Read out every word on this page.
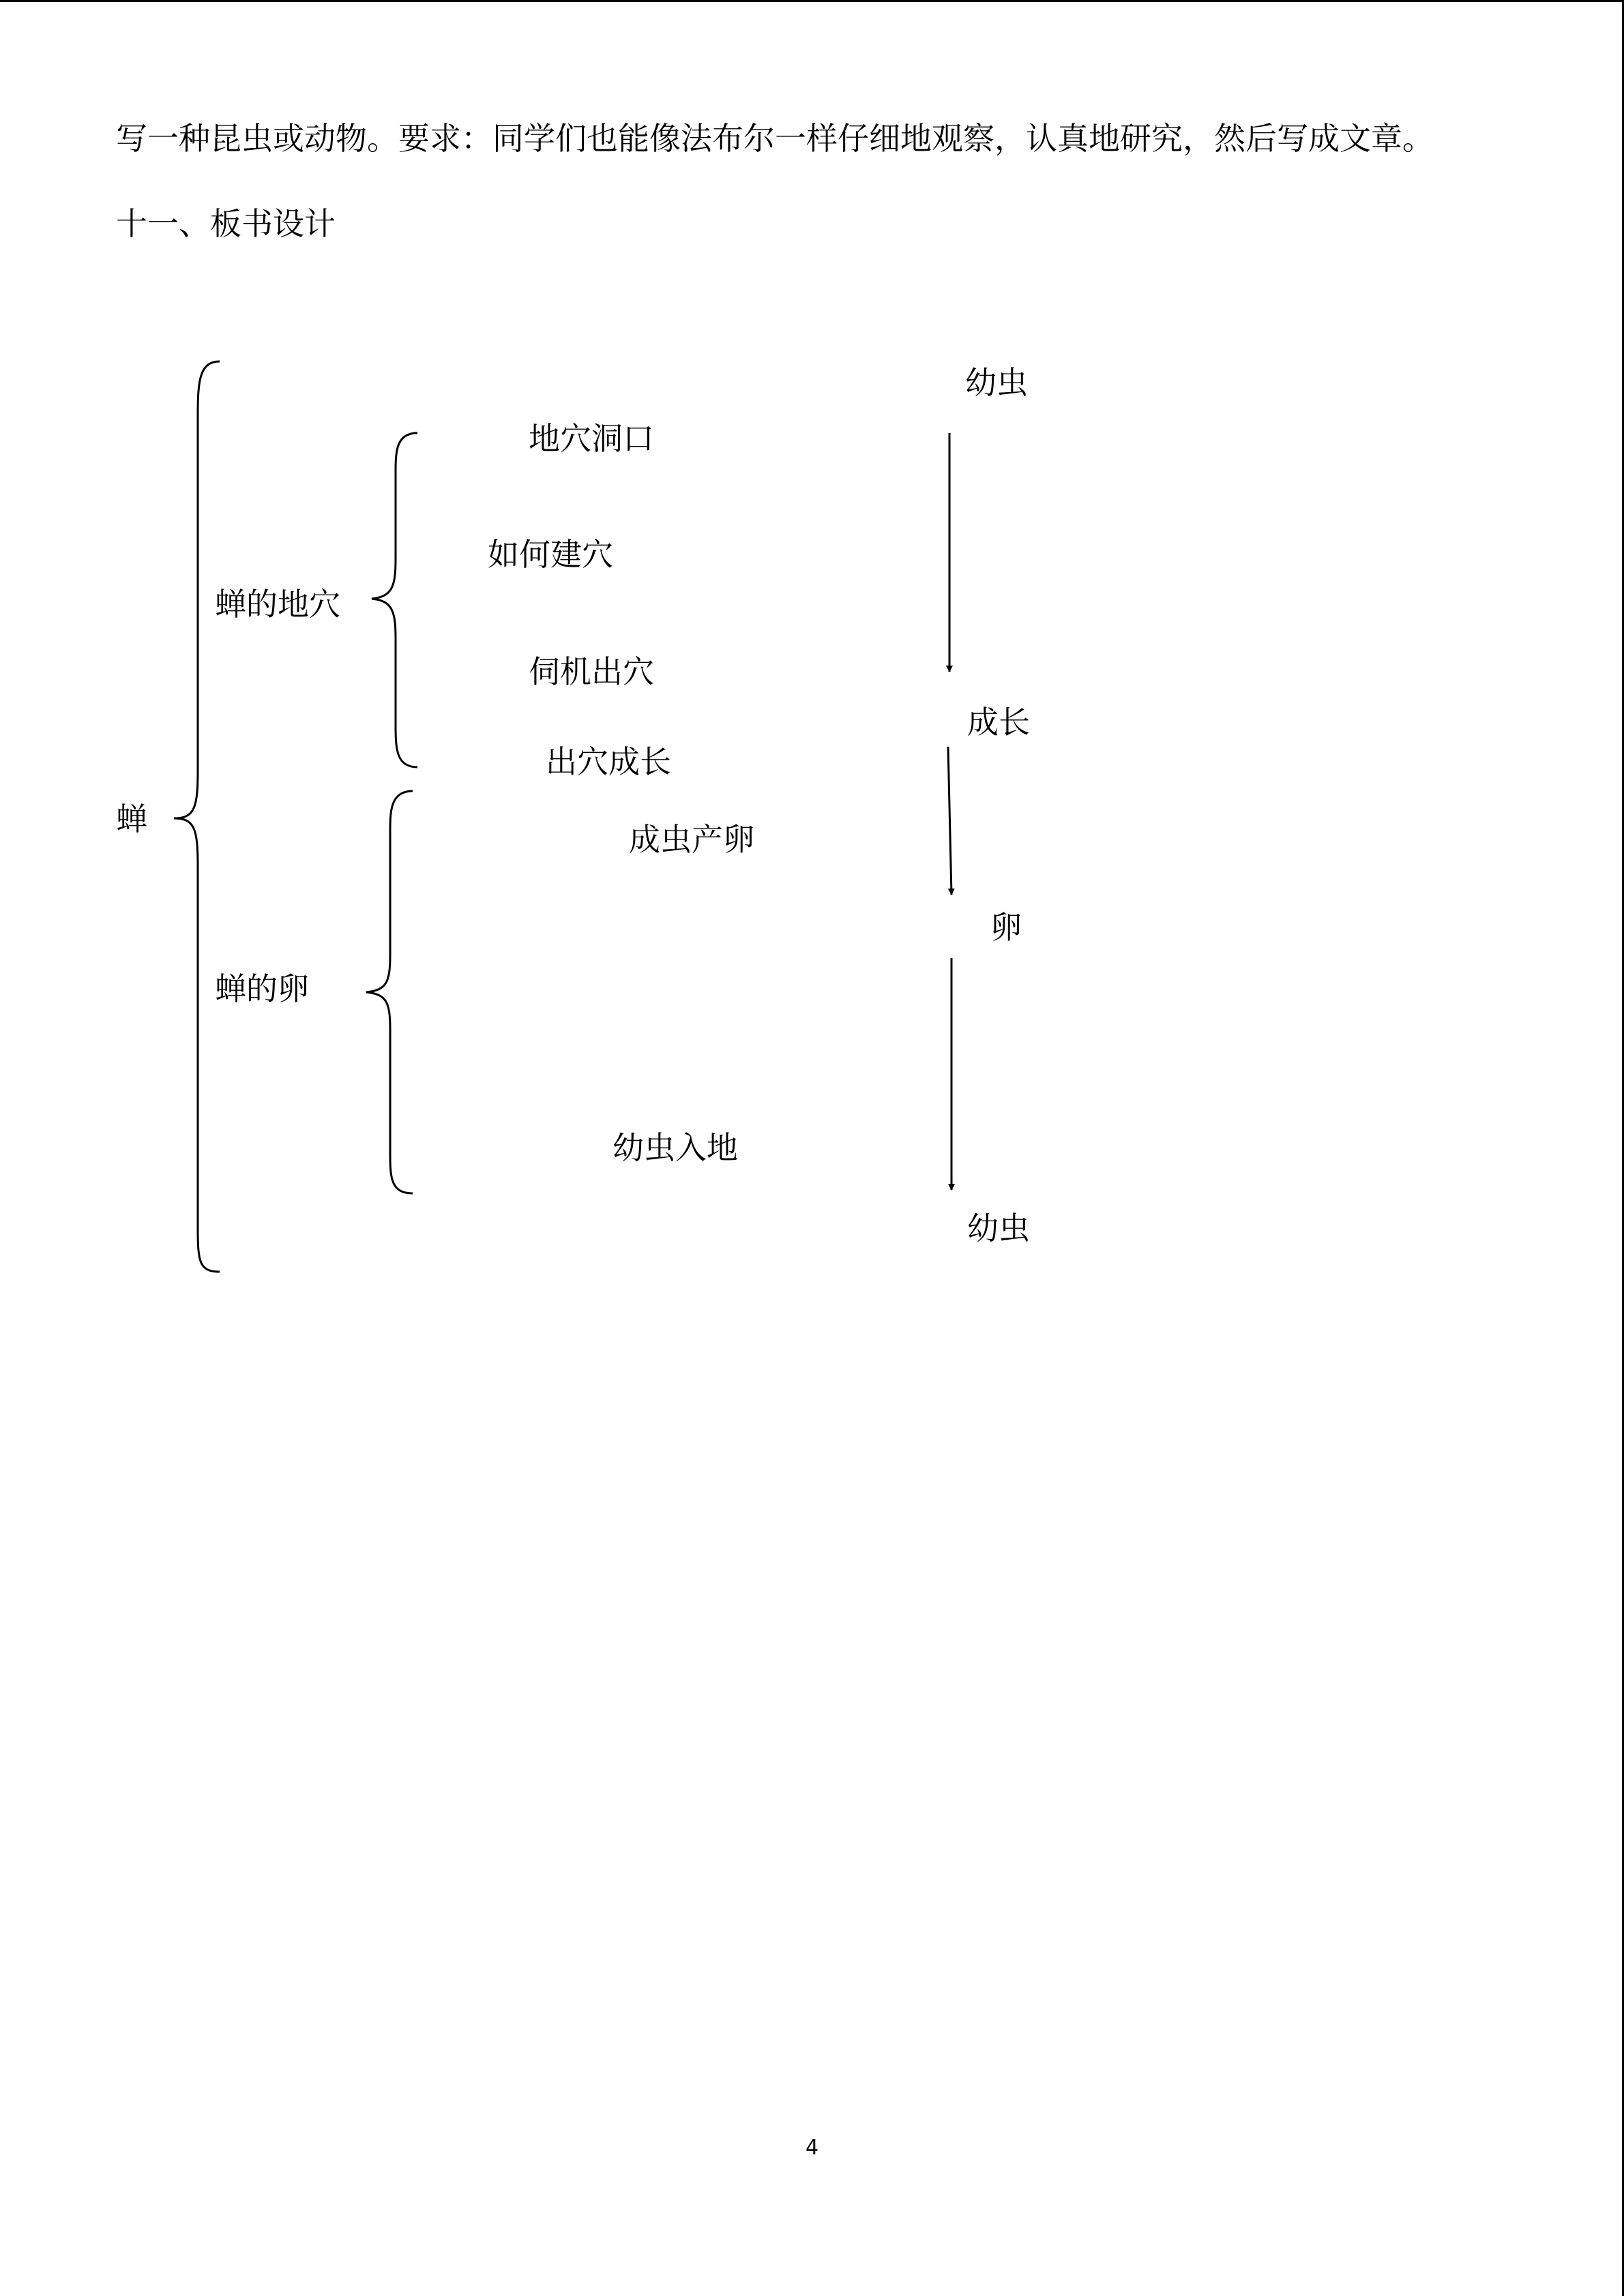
写一种昆虫或动物。要求：同学们也能像法布尔一样仔细地观察，认真地研究，然后写成文章。
十一、板书设计
蝉
蝉的地穴
地穴洞口
如何建穴
伺机出穴
出穴成长
蝉的卵
成虫产卵
幼虫入地
幼虫
成长
卵
幼虫
4
